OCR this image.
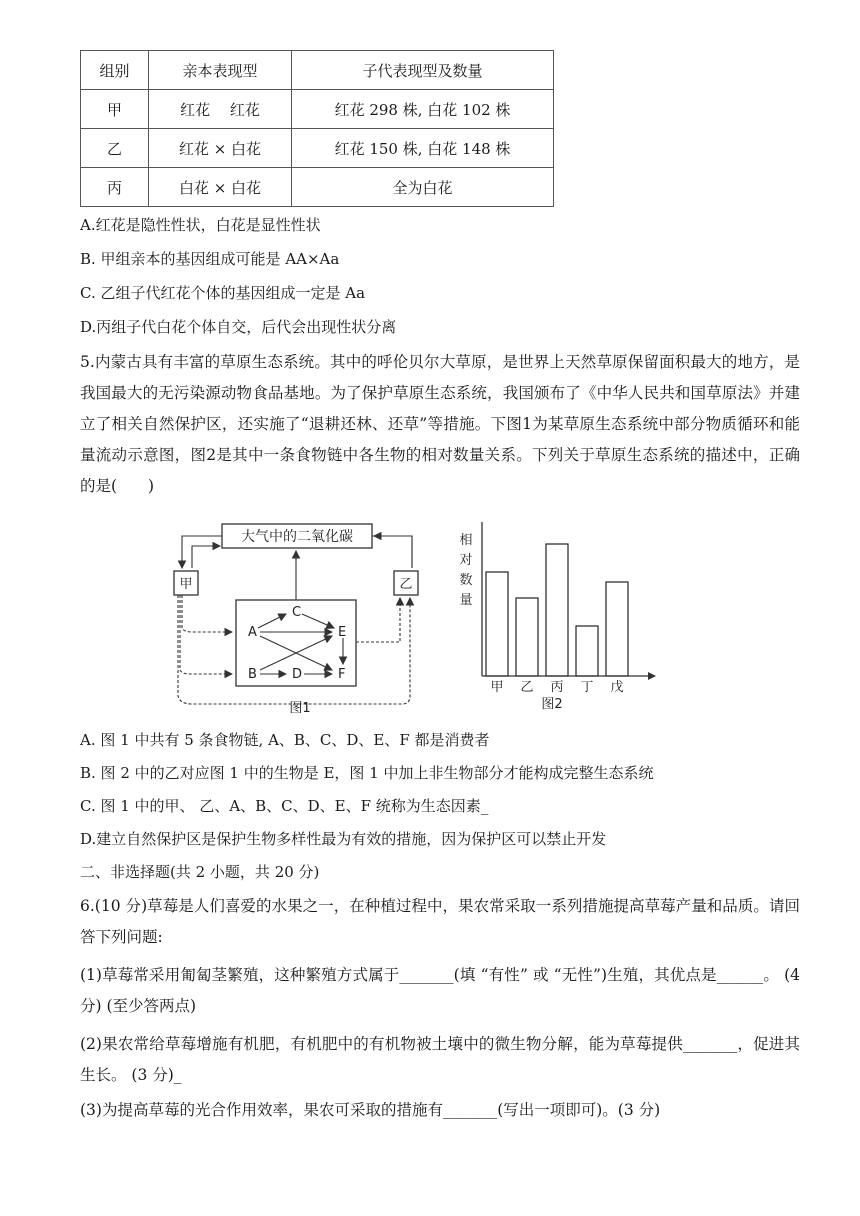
组别	亲本表现型	子代表现型及数量
甲	红花 　红花	红花 298 株, 白花 102 株
乙	红花 × 白花	红花 150 株, 白花 148 株
丙	白花 × 白花	全为白花
A.红花是隐性性状，白花是显性性状
B. 甲组亲本的基因组成可能是 AA×Aa
C. 乙组子代红花个体的基因组成一定是 Aa
D.丙组子代白花个体自交，后代会出现性状分离
5.内蒙古具有丰富的草原生态系统。其中的呼伦贝尔大草原，是世界上天然草原保留面积最大的地方，是我国最大的无污染源动物食品基地。为了保护草原生态系统，我国颁布了《中华人民共和国草原法》并建立了相关自然保护区，还实施了“退耕还林、还草”等措施。下图1为某草原生态系统中部分物质循环和能量流动示意图，图2是其中一条食物链中各生物的相对数量关系。下列关于草原生态系统的描述中，正确的是(　　)
大气中的二氧化碳
甲	乙
A
B
C
D
E
F
图1
相
对
数
量
甲 乙 丙 丁 戊
图2
A. 图 1 中共有 5 条食物链, A、B、C、D、E、F 都是消费者
B. 图 2 中的乙对应图 1 中的生物是 E，图 1 中加上非生物部分才能构成完整生态系统
C. 图 1 中的甲、 乙、A、B、C、D、E、F 统称为生态因素_
D.建立自然保护区是保护生物多样性最为有效的措施，因为保护区可以禁止开发
二、非选择题(共 2 小题，共 20 分)
6.(10 分)草莓是人们喜爱的水果之一，在种植过程中，果农常采取一系列措施提高草莓产量和品质。请回答下列问题:
(1)草莓常采用匍匐茎繁殖，这种繁殖方式属于_______(填 “有性” 或 “无性”)生殖，其优点是______。 (4 分) (至少答两点)
(2)果农常给草莓增施有机肥，有机肥中的有机物被土壤中的微生物分解，能为草莓提供_______，促进其生长。 (3 分)_
(3)为提高草莓的光合作用效率，果农可采取的措施有_______(写出一项即可)。(3 分)
